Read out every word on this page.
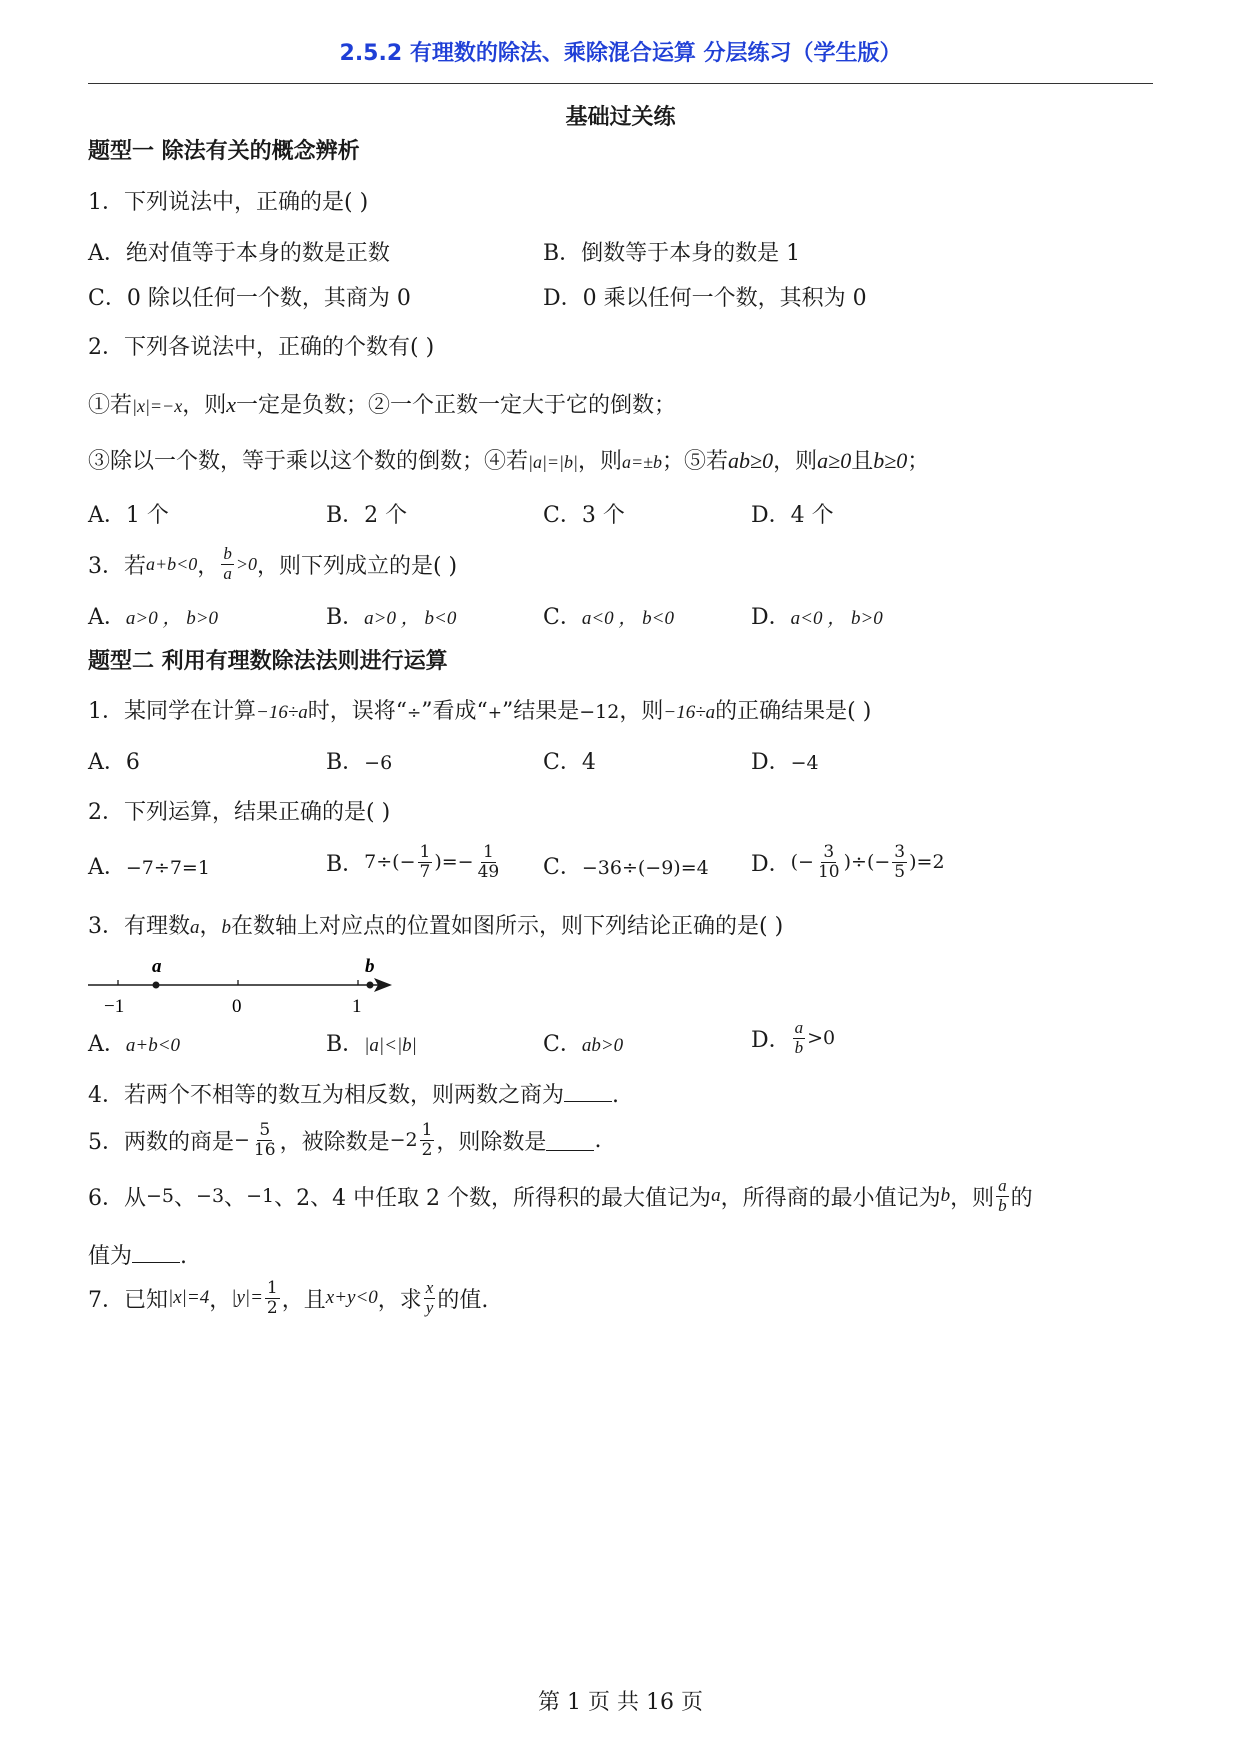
2.5.2 有理数的除法、乘除混合运算 分层练习（学生版）
基础过关练
题型一 除法有关的概念辨析
1．下列说法中，正确的是( )
A．绝对值等于本身的数是正数	B．倒数等于本身的数是 1
C．0 除以任何一个数，其商为 0	D．0 乘以任何一个数，其积为 0
2．下列各说法中，正确的个数有( )
①若|x|=−x，则x一定是负数；②一个正数一定大于它的倒数；
③除以一个数，等于乘以这个数的倒数；④若|a|=|b|，则a=±b；⑤若ab≥0，则a≥0且b≥0；
A．1 个	B．2 个	C．3 个	D．4 个
3．若 a+b<0 ， $\frac{b}{a} >0$ ，则下列成立的是( )
A．a>0 ， b>0	B．a>0 ， b<0	C．a<0 ， b<0	D．a<0 ， b>0
题型二 利用有理数除法法则进行运算
1．某同学在计算−16÷a时，误将“÷”看成“+”结果是−12，则−16÷a的正确结果是( )
A．6	B．−6	C．4	D．−4
2．下列运算，结果正确的是( )
A．−7÷7=1	B． $7\div(- \frac{1}{7}$ )=− $\frac{1}{49}$ C．−36÷(−9)=4 D． (− $\frac{3}{10}$ )÷(− $\frac{3}{5} )=2$
3．有理数a，b在数轴上对应点的位置如图所示，则下列结论正确的是( )
a	b
−1	0	1
A．a+b<0	B．|a|<|b|	C．ab>0	D． $\frac{a}{b} >0$
4．若两个不相等的数互为相反数，则两数之商为 .
5．两数的商是 − $\frac{5}{16}$ ，被除数是 $-2 \frac{1}{2}$ ，则除数是 .
6．从 −5 、 −3 、 −1 、2、4 中任取 2 个数，所得积的最大值记为 a ，所得商的最小值记为 b ，则 $\frac{a}{b}$ 的
值为 .
7．已知 |x|=4 ， $|y|= \frac{1}{2}$ ，且 x+y<0 ，求 $\frac{x}{y}$ 的值.
第 1 页 共 16 页
